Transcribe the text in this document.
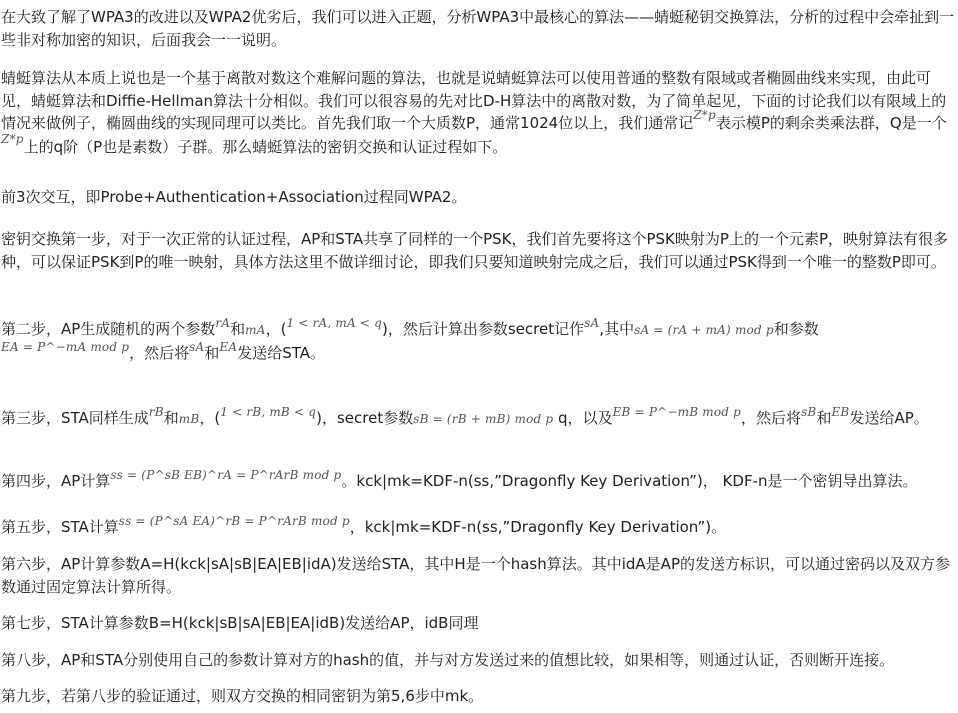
在大致了解了WPA3的改进以及WPA2优劣后，我们可以进入正题，分析WPA3中最核心的算法——蜻蜓秘钥交换算法，分析的过程中会牵扯到一些非对称加密的知识，后面我会一一说明。
蜻蜓算法从本质上说也是一个基于离散对数这个难解问题的算法，也就是说蜻蜓算法可以使用普通的整数有限域或者椭圆曲线来实现，由此可见，蜻蜓算法和Diffie-Hellman算法十分相似。我们可以很容易的先对比D-H算法中的离散对数，为了简单起见，下面的讨论我们以有限域上的情况来做例子，椭圆曲线的实现同理可以类比。首先我们取一个大质数P，通常1024位以上，我们通常记$^{Z*p}$表示模P的剩余类乘法群，Q是一个$^{Z*p}$上的q阶（P也是素数）子群。那么蜻蜓算法的密钥交换和认证过程如下。
前3次交互，即Probe+Authentication+Association过程同WPA2。
密钥交换第一步，对于一次正常的认证过程，AP和STA共享了同样的一个PSK，我们首先要将这个PSK映射为P上的一个元素P，映射算法有很多种，可以保证PSK到P的唯一映射，具体方法这里不做详细讨论，即我们只要知道映射完成之后，我们可以通过PSK得到一个唯一的整数P即可。
第二步，AP生成随机的两个参数$^{rA}$和mA，($^{1 < rA, mA < q}$)，然后计算出参数secret记作$^{sA}$,其中sA = (rA + mA) mod p和参数
$^{EA = P\^{}-mA mod p}$，然后将$^{sA}$和$^{EA}$发送给STA。
第三步，STA同样生成$^{rB}$和mB，($^{1 < rB, mB < q}$)，secret参数sB = (rB + mB) mod p q，以及$^{EB = P\^{}-mB mod p}$，然后将$^{sB}$和$^{EB}$发送给AP。
第四步，AP计算$^{ss = (P\^{}sB EB)\^{}rA = P\^{}rArB mod p}$。kck|mk=KDF-n(ss,”Dragonfly Key Derivation”)， KDF-n是一个密钥导出算法。
第五步，STA计算$^{ss = (P\^{}sA EA)\^{}rB = P\^{}rArB mod p}$，kck|mk=KDF-n(ss,”Dragonfly Key Derivation”)。
第六步，AP计算参数A=H(kck|sA|sB|EA|EB|idA)发送给STA，其中H是一个hash算法。其中idA是AP的发送方标识，可以通过密码以及双方参数通过固定算法计算所得。
第七步，STA计算参数B=H(kck|sB|sA|EB|EA|idB)发送给AP，idB同理
第八步，AP和STA分别使用自己的参数计算对方的hash的值，并与对方发送过来的值想比较，如果相等，则通过认证，否则断开连接。
第九步，若第八步的验证通过，则双方交换的相同密钥为第5,6步中mk。
